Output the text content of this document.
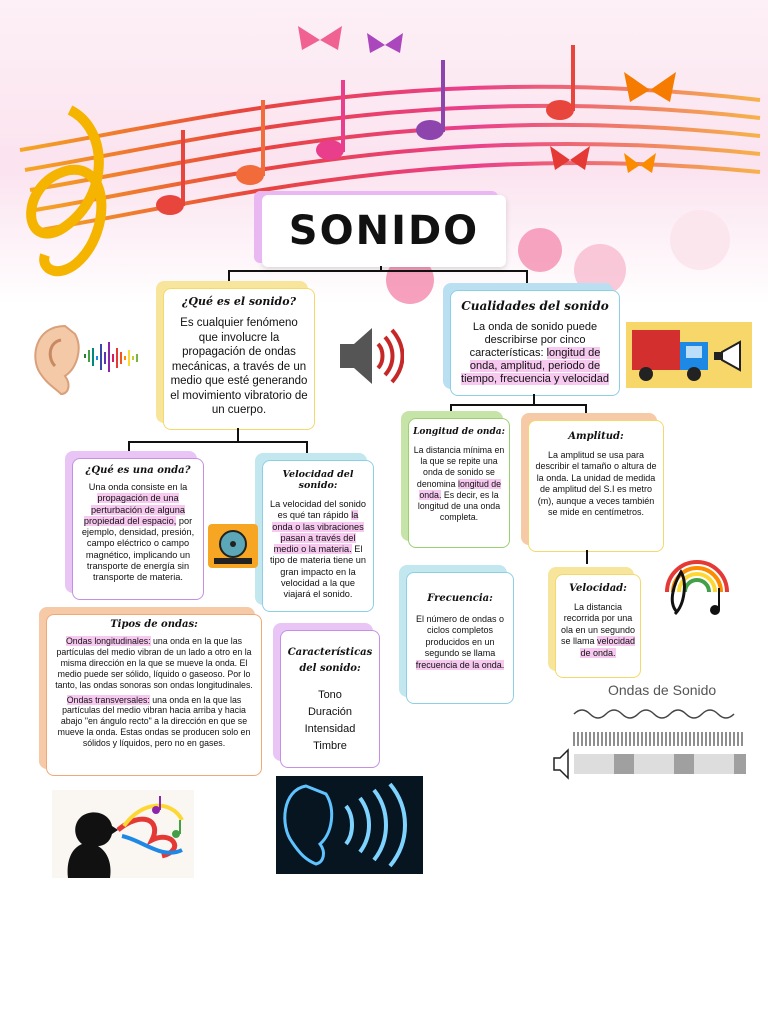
SONIDO
¿Qué es el sonido?
Es cualquier fenómeno que involucre la propagación de ondas mecánicas, a través de un medio que esté generando el movimiento vibratorio de un cuerpo.
Cualidades del sonido
La onda de sonido puede describirse por cinco características: longitud de onda, amplitud, periodo de tiempo, frecuencia y velocidad
¿Qué es una onda?
Una onda consiste en la propagación de una perturbación de alguna propiedad del espacio, por ejemplo, densidad, presión, campo eléctrico o campo magnético, implicando un transporte de energía sin transporte de materia.
Velocidad del sonido:
La velocidad del sonido es qué tan rápido la onda o las vibraciones pasan a través del medio o la materia. El tipo de materia tiene un gran impacto en la velocidad a la que viajará el sonido.
Tipos de ondas:
Ondas longitudinales: una onda en la que las partículas del medio vibran de un lado a otro en la misma dirección en la que se mueve la onda. El medio puede ser sólido, líquido o gaseoso. Por lo tanto, las ondas sonoras son ondas longitudinales.
Ondas transversales: una onda en la que las partículas del medio vibran hacia arriba y hacia abajo "en ángulo recto" a la dirección en que se mueve la onda. Estas ondas se producen solo en sólidos y líquidos, pero no en gases.
Características
del sonido:
Tono
Duración
Intensidad
Timbre
Longitud de onda:
La distancia mínima en la que se repite una onda de sonido se denomina longitud de onda. Es decir, es la longitud de una onda completa.
Amplitud:
La amplitud se usa para describir el tamaño o altura de la onda. La unidad de medida de amplitud del S.I es metro (m), aunque a veces también se mide en centímetros.
Frecuencia:
El número de ondas o ciclos completos producidos en un segundo se llama frecuencia de la onda.
Velocidad:
La distancia recorrida por una ola en un segundo se llama velocidad de onda.
Ondas de Sonido
